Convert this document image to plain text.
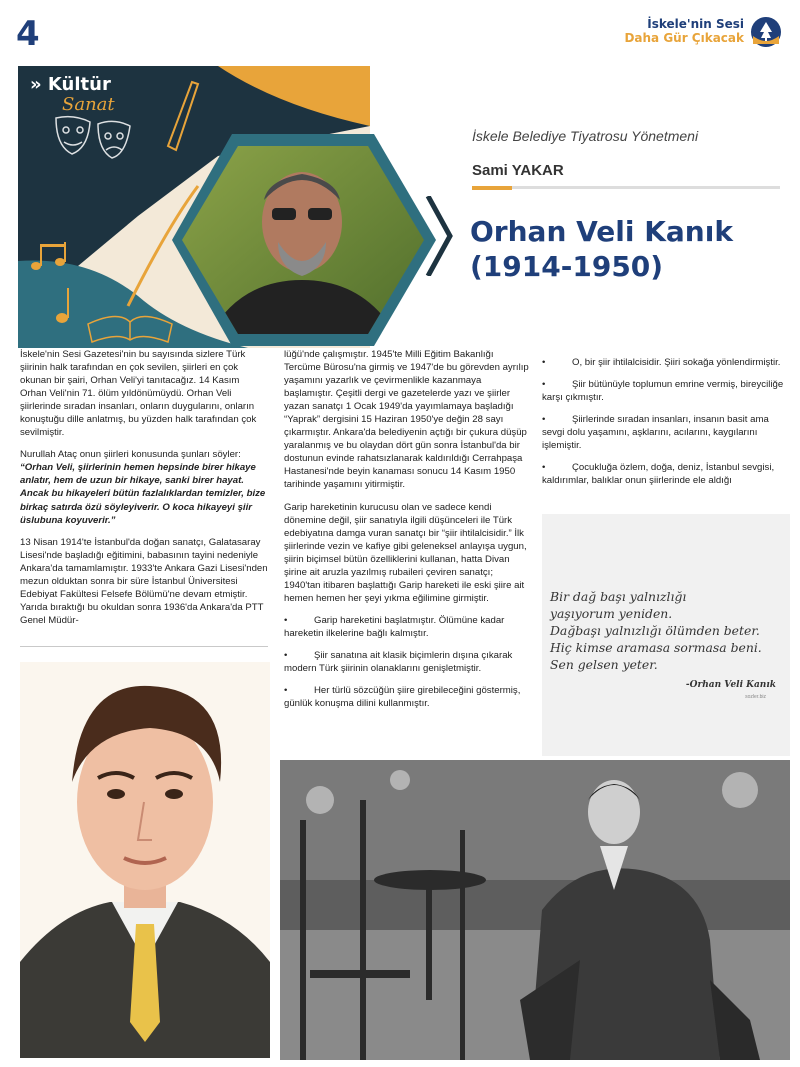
4	İskele'nin Sesi
Daha Gür Çıkacak
» Kültür
Sanat
İskele Belediye Tiyatrosu Yönetmeni
Sami YAKAR
Orhan Veli Kanık (1914-1950)

İskele'nin Sesi Gazetesi'nin bu sayısında sizlere Türk şiirinin halk tarafından en çok sevilen, şiirleri en çok okunan bir şairi, Orhan Veli'yi tanıtacağız. 14 Kasım Orhan Veli'nin 71. ölüm yıldönümüydü. Orhan Veli şiirlerinde sıradan insanları, onların duygularını, onların konuştuğu dille anlatmış, bu yüzden halk tarafından çok sevilmiştir.

Nurullah Ataç onun şiirleri konusunda şunları söyler:

“Orhan Veli, şiirlerinin hemen hepsinde birer hikaye anlatır, hem de uzun bir hikaye, sanki birer hayat. Ancak bu hikayeleri bütün fazlalıklardan temizler, bize birkaç satırda özü söyleyiverir. O koca hikayeyi şiir üslubuna koyuverir.”

13 Nisan 1914'te İstanbul'da doğan sanatçı, Galatasaray Lisesi'nde başladığı eğitimini, babasının tayini nedeniyle Ankara'da tamamlamıştır. 1933'te Ankara Gazi Lisesi'nden mezun olduktan sonra bir süre İstanbul Üniversitesi Edebiyat Fakültesi Felsefe Bölümü'ne devam etmiştir. Yarıda bıraktığı bu okuldan sonra 1936'da Ankara'da PTT Genel Müdür-

lüğü'nde çalışmıştır. 1945'te Milli Eğitim Bakanlığı Tercüme Bürosu'na girmiş ve 1947'de bu görevden ayrılıp yaşamını yazarlık ve çevirmenlikle kazanmaya başlamıştır. Çeşitli dergi ve gazetelerde yazı ve şiirler yazan sanatçı 1 Ocak 1949'da yayımlamaya başladığı “Yaprak” dergisini 15 Haziran 1950'ye değin 28 sayı çıkarmıştır. Ankara'da belediyenin açtığı bir çukura düşüp yaralanmış ve bu olaydan dört gün sonra İstanbul'da bir dostunun evinde rahatsızlanarak kaldırıldığı Cerrahpaşa Hastanesi'nde beyin kanaması sonucu 14 Kasım 1950 tarihinde yaşamını yitirmiştir.

Garip hareketinin kurucusu olan ve sadece kendi dönemine değil, şiir sanatıyla ilgili düşünceleri ile Türk edebiyatına damga vuran sanatçı bir “şiir ihtilalcisidir.” İlk şiirlerinde vezin ve kafiye gibi geleneksel anlayışa uygun, şiirin biçimsel bütün özelliklerini kullanan, hatta Divan şirine ait aruzla yazılmış rubaileri çeviren sanatçı; 1940'tan itibaren başlattığı Garip hareketi ile eski şiire ait hemen hemen her şeyi yıkma eğilimine girmiştir.

•	Garip hareketini başlatmıştır. Ölümüne kadar hareketin ilkelerine bağlı kalmıştır.

•	Şiir sanatına ait klasik biçimlerin dışına çıkarak modern Türk şiirinin olanaklarını genişletmiştir.

•	Her türlü sözcüğün şiire girebileceğini göstermiş, günlük konuşma dilini kullanmıştır.

•	O, bir şiir ihtilalcisidir. Şiiri sokağa yönlendirmiştir.

•	Şiir bütünüyle toplumun emrine vermiş, bireyciliğe karşı çıkmıştır.

•	Şiirlerinde sıradan insanları, insanın basit ama sevgi dolu yaşamını, aşklarını, acılarını, kaygılarını işlemiştir.

•	Çocukluğa özlem, doğa, deniz, İstanbul sevgisi, kaldırımlar, balıklar onun şiirlerinde ele aldığı

Bir dağ başı yalnızlığı
yaşıyorum yeniden.
Dağbaşı yalnızlığı ölümden beter.
Hiç kimse aramasa sormasa beni.
Sen gelsen yeter.
-Orhan Veli Kanık
sozler.biz
